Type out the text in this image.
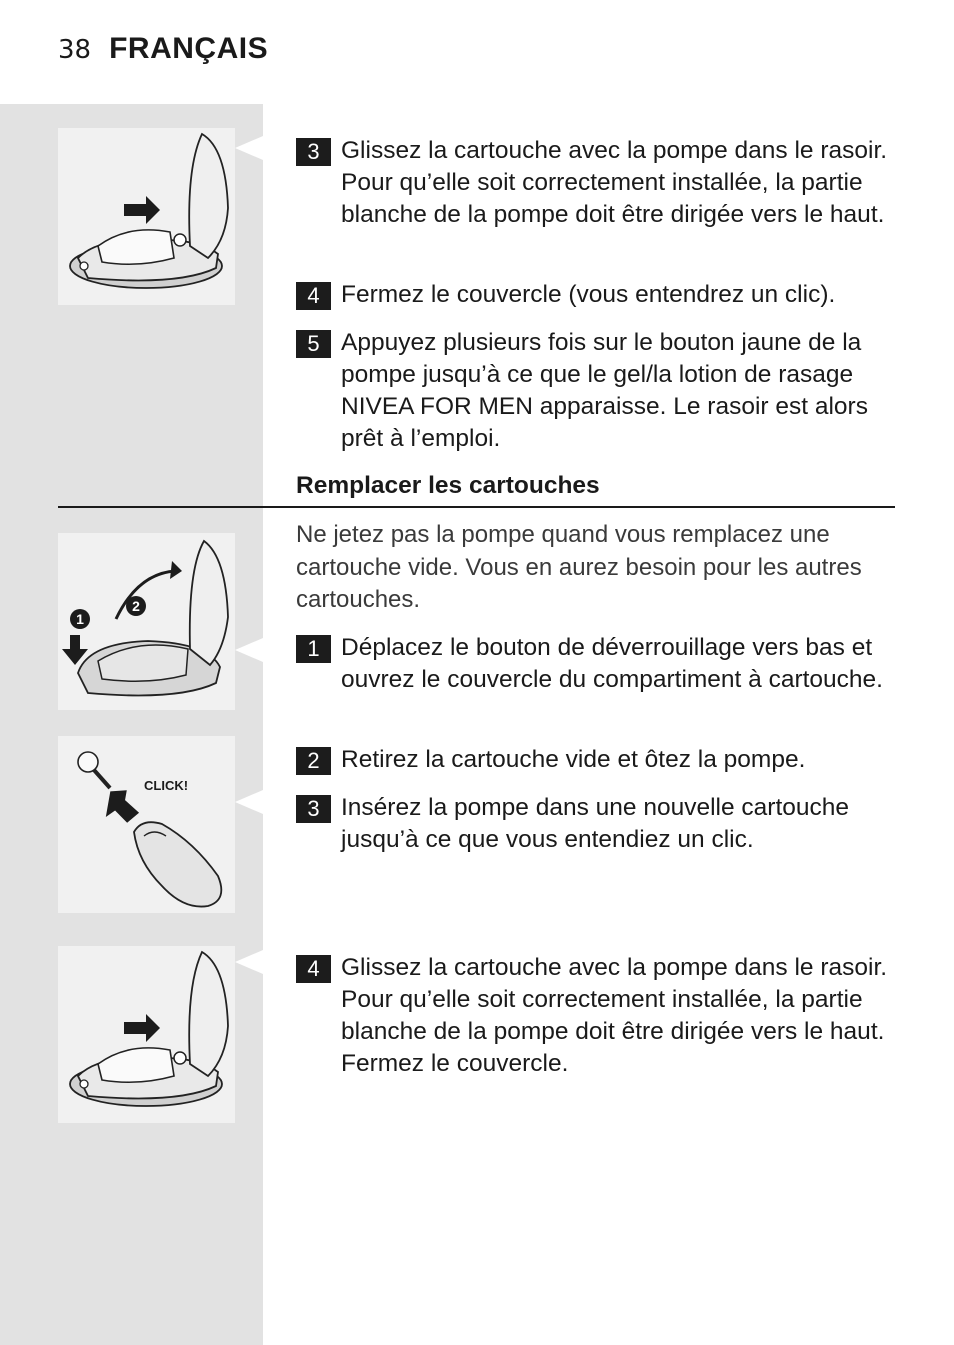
38 FRANÇAIS
3 Glissez la cartouche avec la pompe dans le rasoir. Pour qu’elle soit correctement installée, la partie blanche de la pompe doit être dirigée vers le haut.
4 Fermez le couvercle (vous entendrez un clic).
5 Appuyez plusieurs fois sur le bouton jaune de la pompe jusqu’à ce que le gel/la lotion de rasage NIVEA FOR MEN apparaisse. Le rasoir est alors prêt à l’emploi.
Remplacer les cartouches
Ne jetez pas la pompe quand vous remplacez une cartouche vide. Vous en aurez besoin pour les autres cartouches.
1
2
1 Déplacez le bouton de déverrouillage vers bas et ouvrez le couvercle du compartiment à cartouche.
CLICK!
2 Retirez la cartouche vide et ôtez la pompe.
3 Insérez la pompe dans une nouvelle cartouche jusqu’à ce que vous entendiez un clic.
4 Glissez la cartouche avec la pompe dans le rasoir. Pour qu’elle soit correctement installée, la partie blanche de la pompe doit être dirigée vers le haut. Fermez le couvercle.
